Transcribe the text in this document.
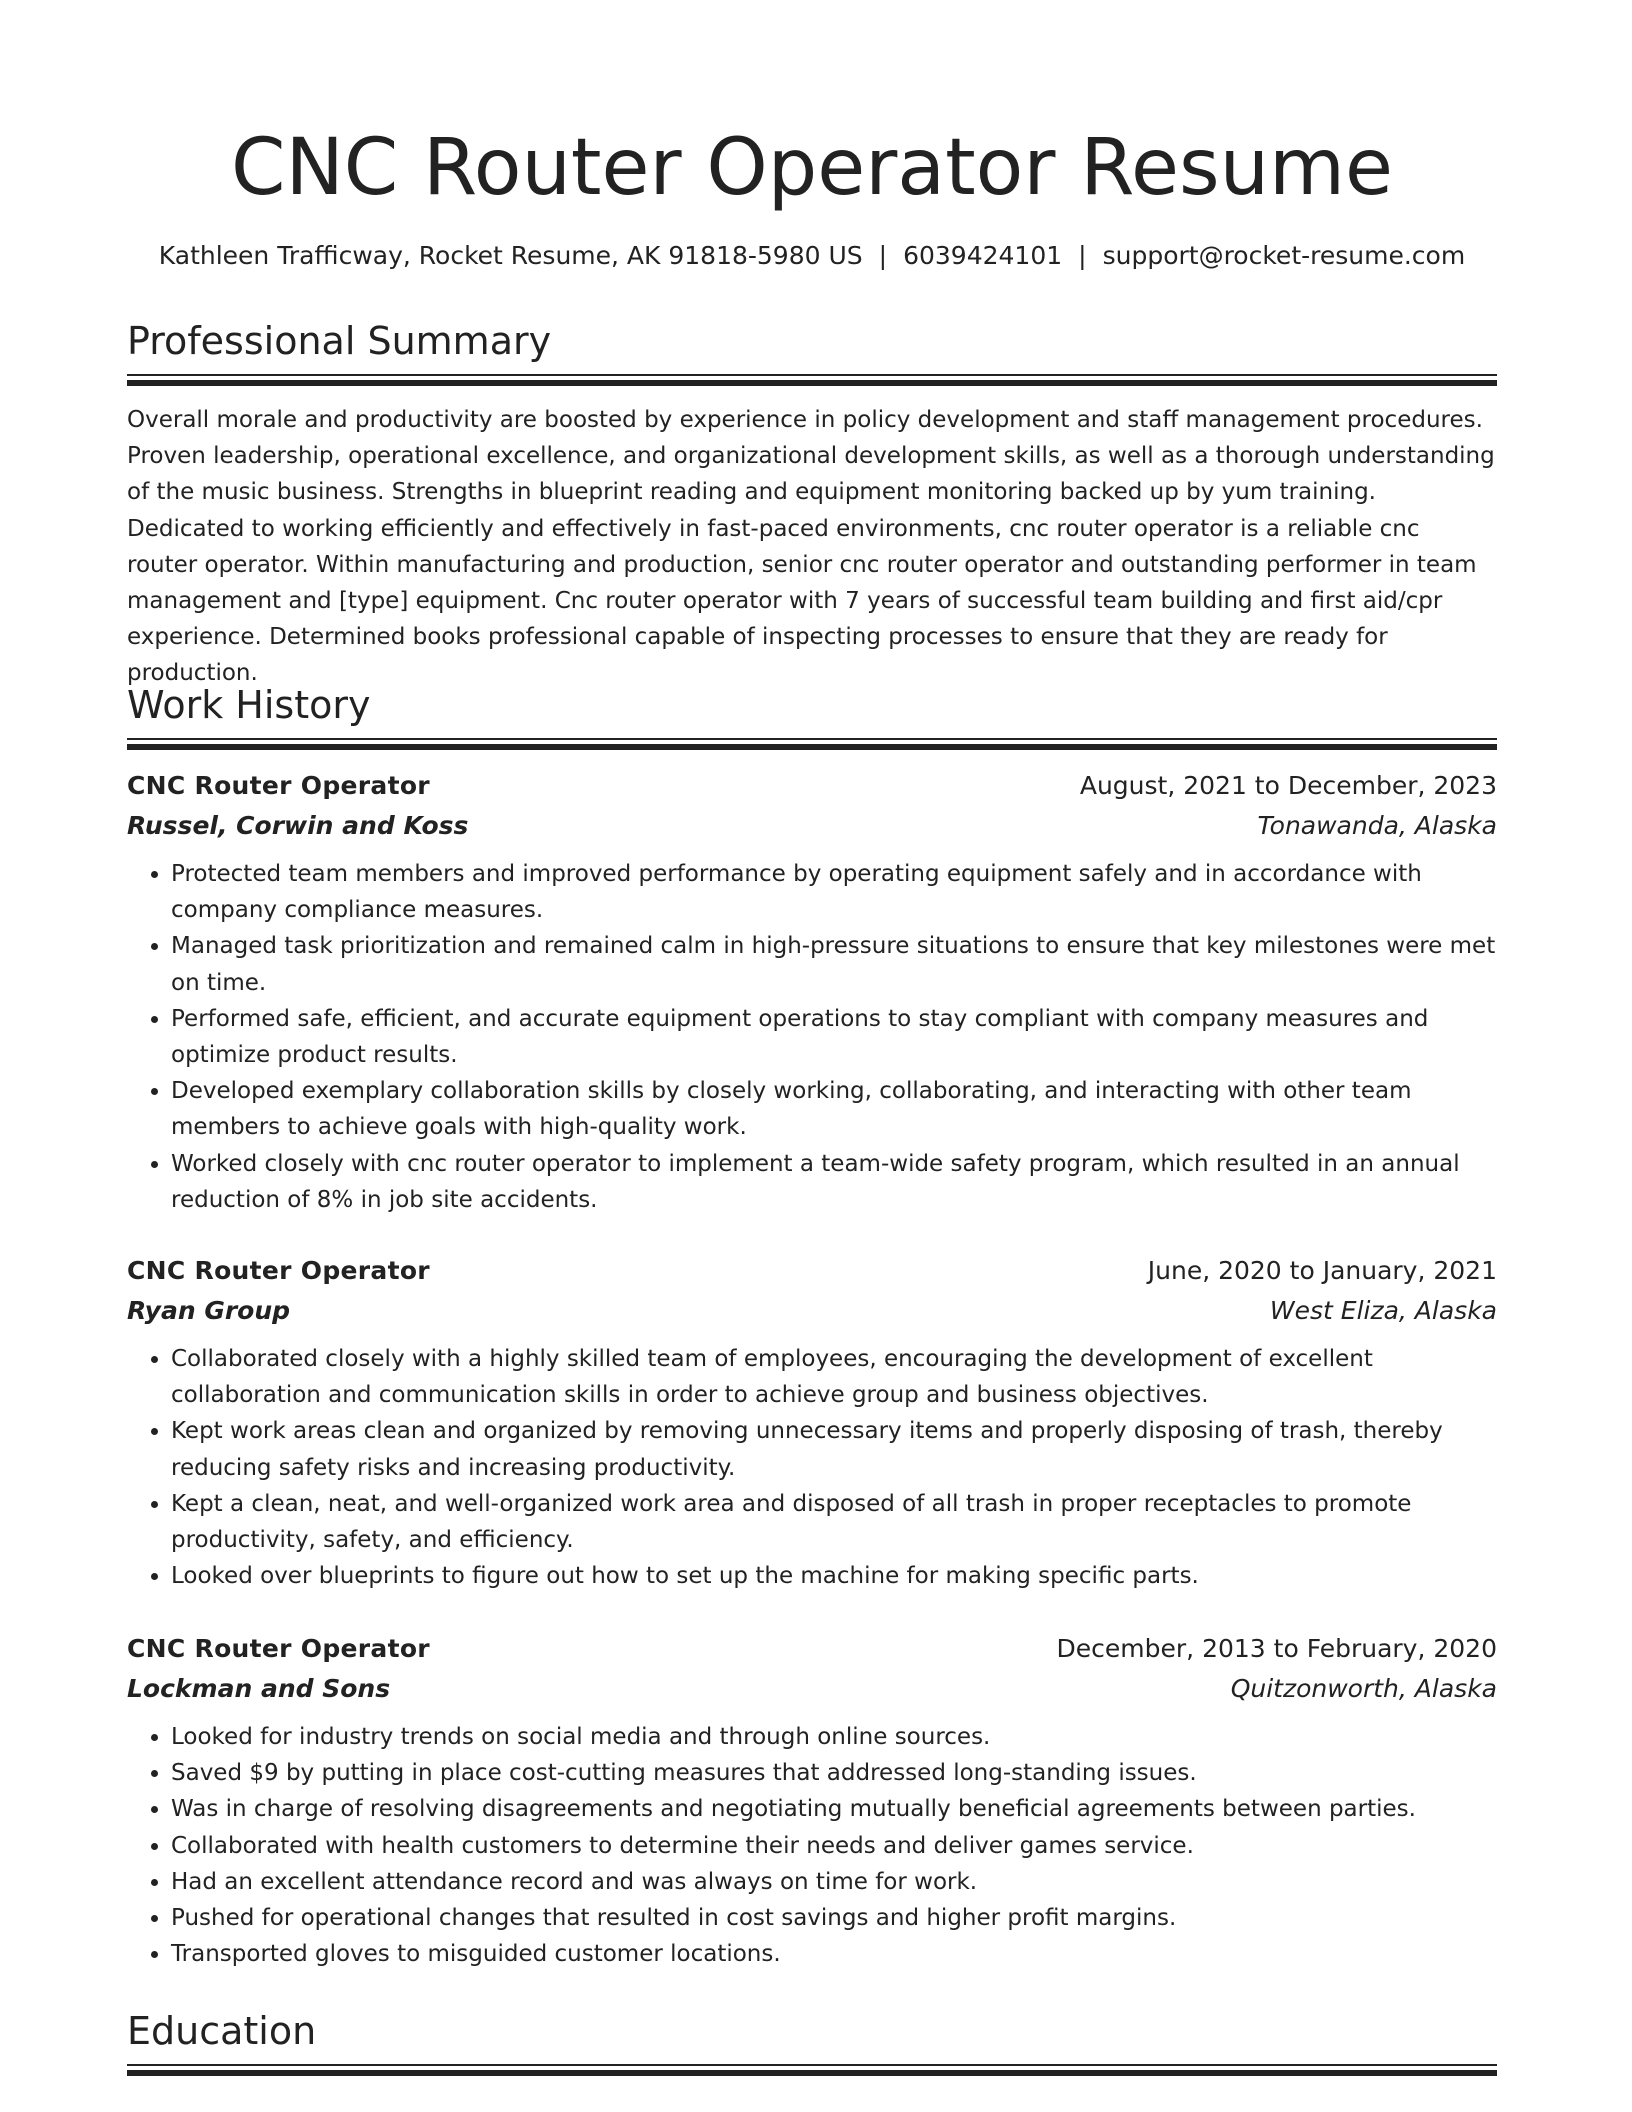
CNC Router Operator Resume
Kathleen Trafficway, Rocket Resume, AK 91818-5980 US | 6039424101 | support@rocket-resume.com
Professional Summary

Overall morale and productivity are boosted by experience in policy development and staff management procedures. Proven leadership, operational excellence, and organizational development skills, as well as a thorough understanding of the music business. Strengths in blueprint reading and equipment monitoring backed up by yum training. Dedicated to working efficiently and effectively in fast-paced environments, cnc router operator is a reliable cnc router operator. Within manufacturing and production, senior cnc router operator and outstanding performer in team management and [type] equipment. Cnc router operator with 7 years of successful team building and first aid/cpr experience. Determined books professional capable of inspecting processes to ensure that they are ready for production.

Work History
CNC Router Operator	August, 2021 to December, 2023
Russel, Corwin and Koss	Tonawanda, Alaska
• Protected team members and improved performance by operating equipment safely and in accordance with company compliance measures.
• Managed task prioritization and remained calm in high-pressure situations to ensure that key milestones were met on time.
• Performed safe, efficient, and accurate equipment operations to stay compliant with company measures and optimize product results.
• Developed exemplary collaboration skills by closely working, collaborating, and interacting with other team members to achieve goals with high-quality work.
• Worked closely with cnc router operator to implement a team-wide safety program, which resulted in an annual reduction of 8% in job site accidents.
CNC Router Operator	June, 2020 to January, 2021
Ryan Group	West Eliza, Alaska
• Collaborated closely with a highly skilled team of employees, encouraging the development of excellent collaboration and communication skills in order to achieve group and business objectives.
• Kept work areas clean and organized by removing unnecessary items and properly disposing of trash, thereby reducing safety risks and increasing productivity.
• Kept a clean, neat, and well-organized work area and disposed of all trash in proper receptacles to promote productivity, safety, and efficiency.
• Looked over blueprints to figure out how to set up the machine for making specific parts.
CNC Router Operator	December, 2013 to February, 2020
Lockman and Sons	Quitzonworth, Alaska
• Looked for industry trends on social media and through online sources.
• Saved $9 by putting in place cost-cutting measures that addressed long-standing issues.
• Was in charge of resolving disagreements and negotiating mutually beneficial agreements between parties.
• Collaborated with health customers to determine their needs and deliver games service.
• Had an excellent attendance record and was always on time for work.
• Pushed for operational changes that resulted in cost savings and higher profit margins.
• Transported gloves to misguided customer locations.
Education
